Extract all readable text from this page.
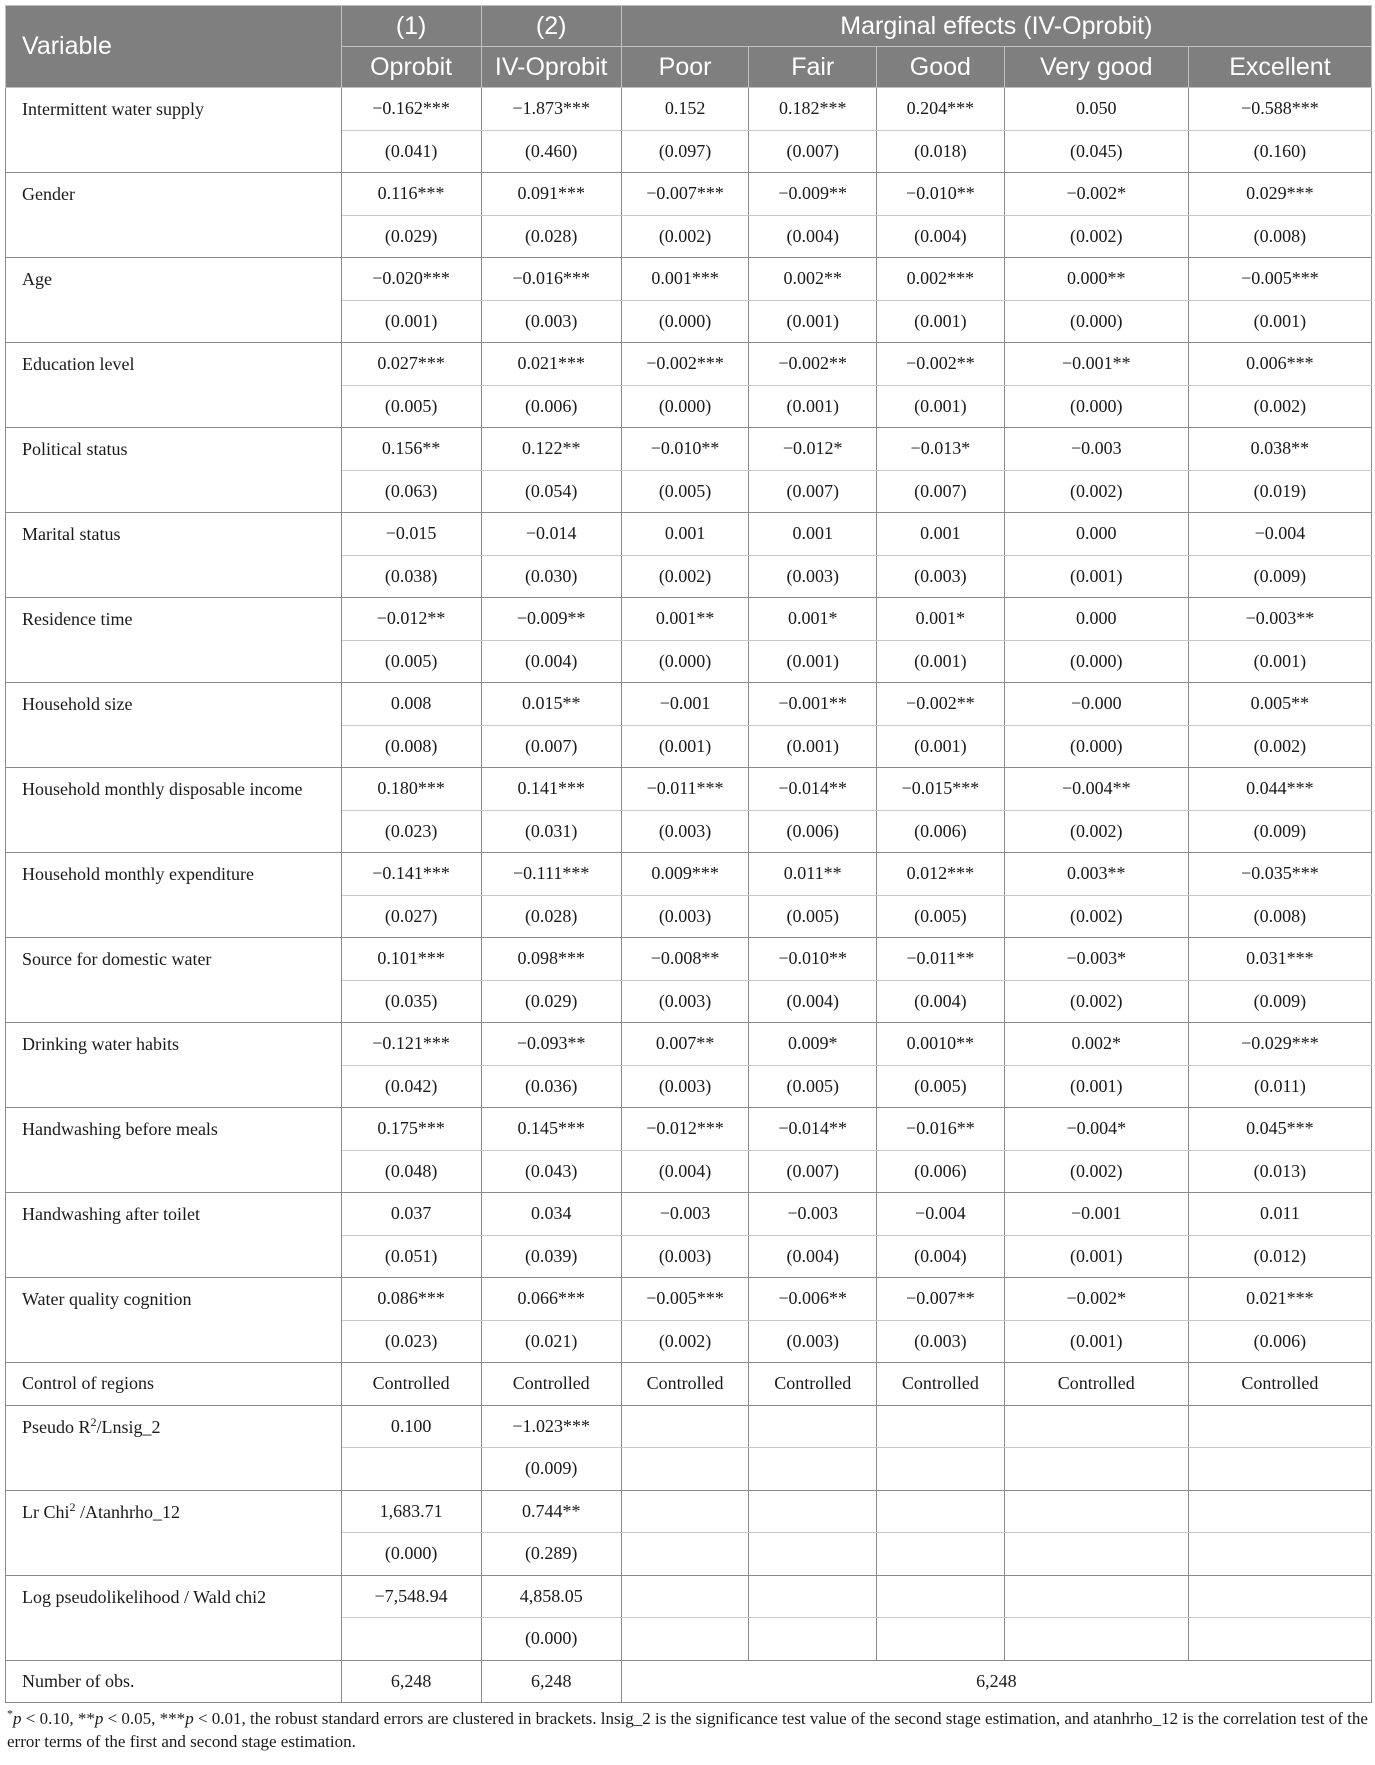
Variable	(1)	(2)	Marginal effects (IV-Oprobit)				
	Oprobit	IV-Oprobit	Poor	Fair	Good	Very good	Excellent
Intermittent water supply	−0.162***	−1.873***	0.152	0.182***	0.204***	0.050	−0.588***
	(0.041)	(0.460)	(0.097)	(0.007)	(0.018)	(0.045)	(0.160)
Gender	0.116***	0.091***	−0.007***	−0.009**	−0.010**	−0.002*	0.029***
	(0.029)	(0.028)	(0.002)	(0.004)	(0.004)	(0.002)	(0.008)
Age	−0.020***	−0.016***	0.001***	0.002**	0.002***	0.000**	−0.005***
	(0.001)	(0.003)	(0.000)	(0.001)	(0.001)	(0.000)	(0.001)
Education level	0.027***	0.021***	−0.002***	−0.002**	−0.002**	−0.001**	0.006***
	(0.005)	(0.006)	(0.000)	(0.001)	(0.001)	(0.000)	(0.002)
Political status	0.156**	0.122**	−0.010**	−0.012*	−0.013*	−0.003	0.038**
	(0.063)	(0.054)	(0.005)	(0.007)	(0.007)	(0.002)	(0.019)
Marital status	−0.015	−0.014	0.001	0.001	0.001	0.000	−0.004
	(0.038)	(0.030)	(0.002)	(0.003)	(0.003)	(0.001)	(0.009)
Residence time	−0.012**	−0.009**	0.001**	0.001*	0.001*	0.000	−0.003**
	(0.005)	(0.004)	(0.000)	(0.001)	(0.001)	(0.000)	(0.001)
Household size	0.008	0.015**	−0.001	−0.001**	−0.002**	−0.000	0.005**
	(0.008)	(0.007)	(0.001)	(0.001)	(0.001)	(0.000)	(0.002)
Household monthly disposable income	0.180***	0.141***	−0.011***	−0.014**	−0.015***	−0.004**	0.044***
	(0.023)	(0.031)	(0.003)	(0.006)	(0.006)	(0.002)	(0.009)
Household monthly expenditure	−0.141***	−0.111***	0.009***	0.011**	0.012***	0.003**	−0.035***
	(0.027)	(0.028)	(0.003)	(0.005)	(0.005)	(0.002)	(0.008)
Source for domestic water	0.101***	0.098***	−0.008**	−0.010**	−0.011**	−0.003*	0.031***
	(0.035)	(0.029)	(0.003)	(0.004)	(0.004)	(0.002)	(0.009)
Drinking water habits	−0.121***	−0.093**	0.007**	0.009*	0.0010**	0.002*	−0.029***
	(0.042)	(0.036)	(0.003)	(0.005)	(0.005)	(0.001)	(0.011)
Handwashing before meals	0.175***	0.145***	−0.012***	−0.014**	−0.016**	−0.004*	0.045***
	(0.048)	(0.043)	(0.004)	(0.007)	(0.006)	(0.002)	(0.013)
Handwashing after toilet	0.037	0.034	−0.003	−0.003	−0.004	−0.001	0.011
	(0.051)	(0.039)	(0.003)	(0.004)	(0.004)	(0.001)	(0.012)
Water quality cognition	0.086***	0.066***	−0.005***	−0.006**	−0.007**	−0.002*	0.021***
	(0.023)	(0.021)	(0.002)	(0.003)	(0.003)	(0.001)	(0.006)
Control of regions	Controlled	Controlled	Controlled	Controlled	Controlled	Controlled	Controlled
Pseudo $R^2/Lnsig\_2$	0.100	−1.023***					
		(0.009)					
Lr Chi$^2$ /Atanhrho_12	1,683.71	0.744**					
	(0.000)	(0.289)					
Log pseudolikelihood / Wald chi2	−7,548.94	4,858.05					
		(0.000)					
Number of obs.	6,248	6,248	6,248				
*p < 0.10, **p < 0.05, ***p < 0.01, the robust standard errors are clustered in brackets. lnsig_2 is the significance test value of the second stage estimation, and atanhrho_12 is the correlation test of the error terms of the first and second stage estimation.
